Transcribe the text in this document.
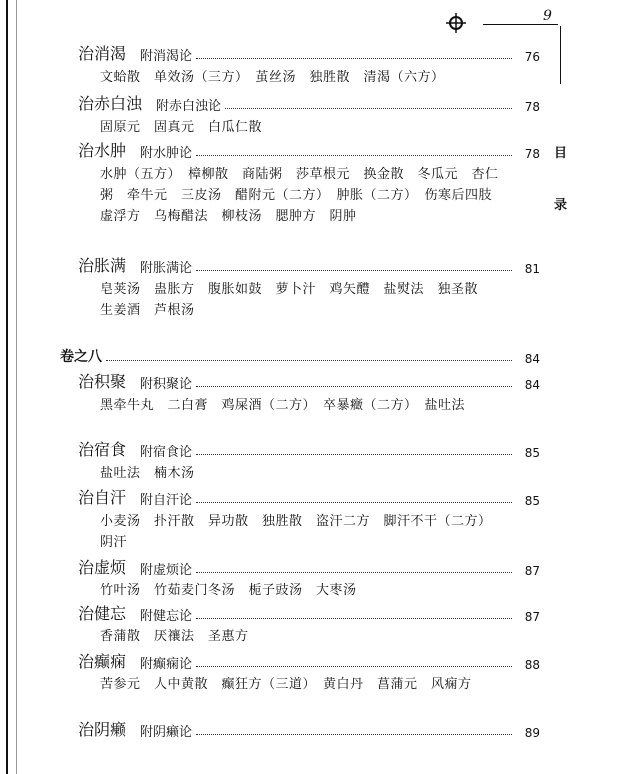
9
目
录
治消渴 附消渴论	76
文蛤散　单效汤（三方）　茧丝汤　独胜散　清渴（六方）
治赤白浊 附赤白浊论	78
固原元　固真元　白瓜仁散
治水肿 附水肿论	78
水肿（五方）　樟柳散　商陆粥　莎草根元　换金散　冬瓜元　杏仁粥　牵牛元　三皮汤　醋附元（二方）　肿胀（二方）　伤寒后四肢虚浮方　乌梅醋法　柳枝汤　腮肿方　阴肿
治胀满 附胀满论	81
皂荚汤　蛊胀方　腹胀如鼓　萝卜汁　鸡矢醴　盐熨法　独圣散　生姜酒　芦根汤
卷之八	84
治积聚 附积聚论	84
黑牵牛丸　二白膏　鸡屎酒（二方）　卒暴癥（二方）　盐吐法
治宿食 附宿食论	85
盐吐法　楠木汤
治自汗 附自汗论	85
小麦汤　扑汗散　异功散　独胜散　盗汗二方　脚汗不干（二方）　阴汗
治虚烦 附虚烦论	87
竹叶汤　竹茹麦门冬汤　栀子豉汤　大枣汤
治健忘 附健忘论	87
香蒲散　厌禳法　圣惠方
治癫痫 附癫痫论	88
苦参元　人中黄散　癫狂方（三道）　黄白丹　菖蒲元　风痫方
治阴癞 附阴癞论	89
